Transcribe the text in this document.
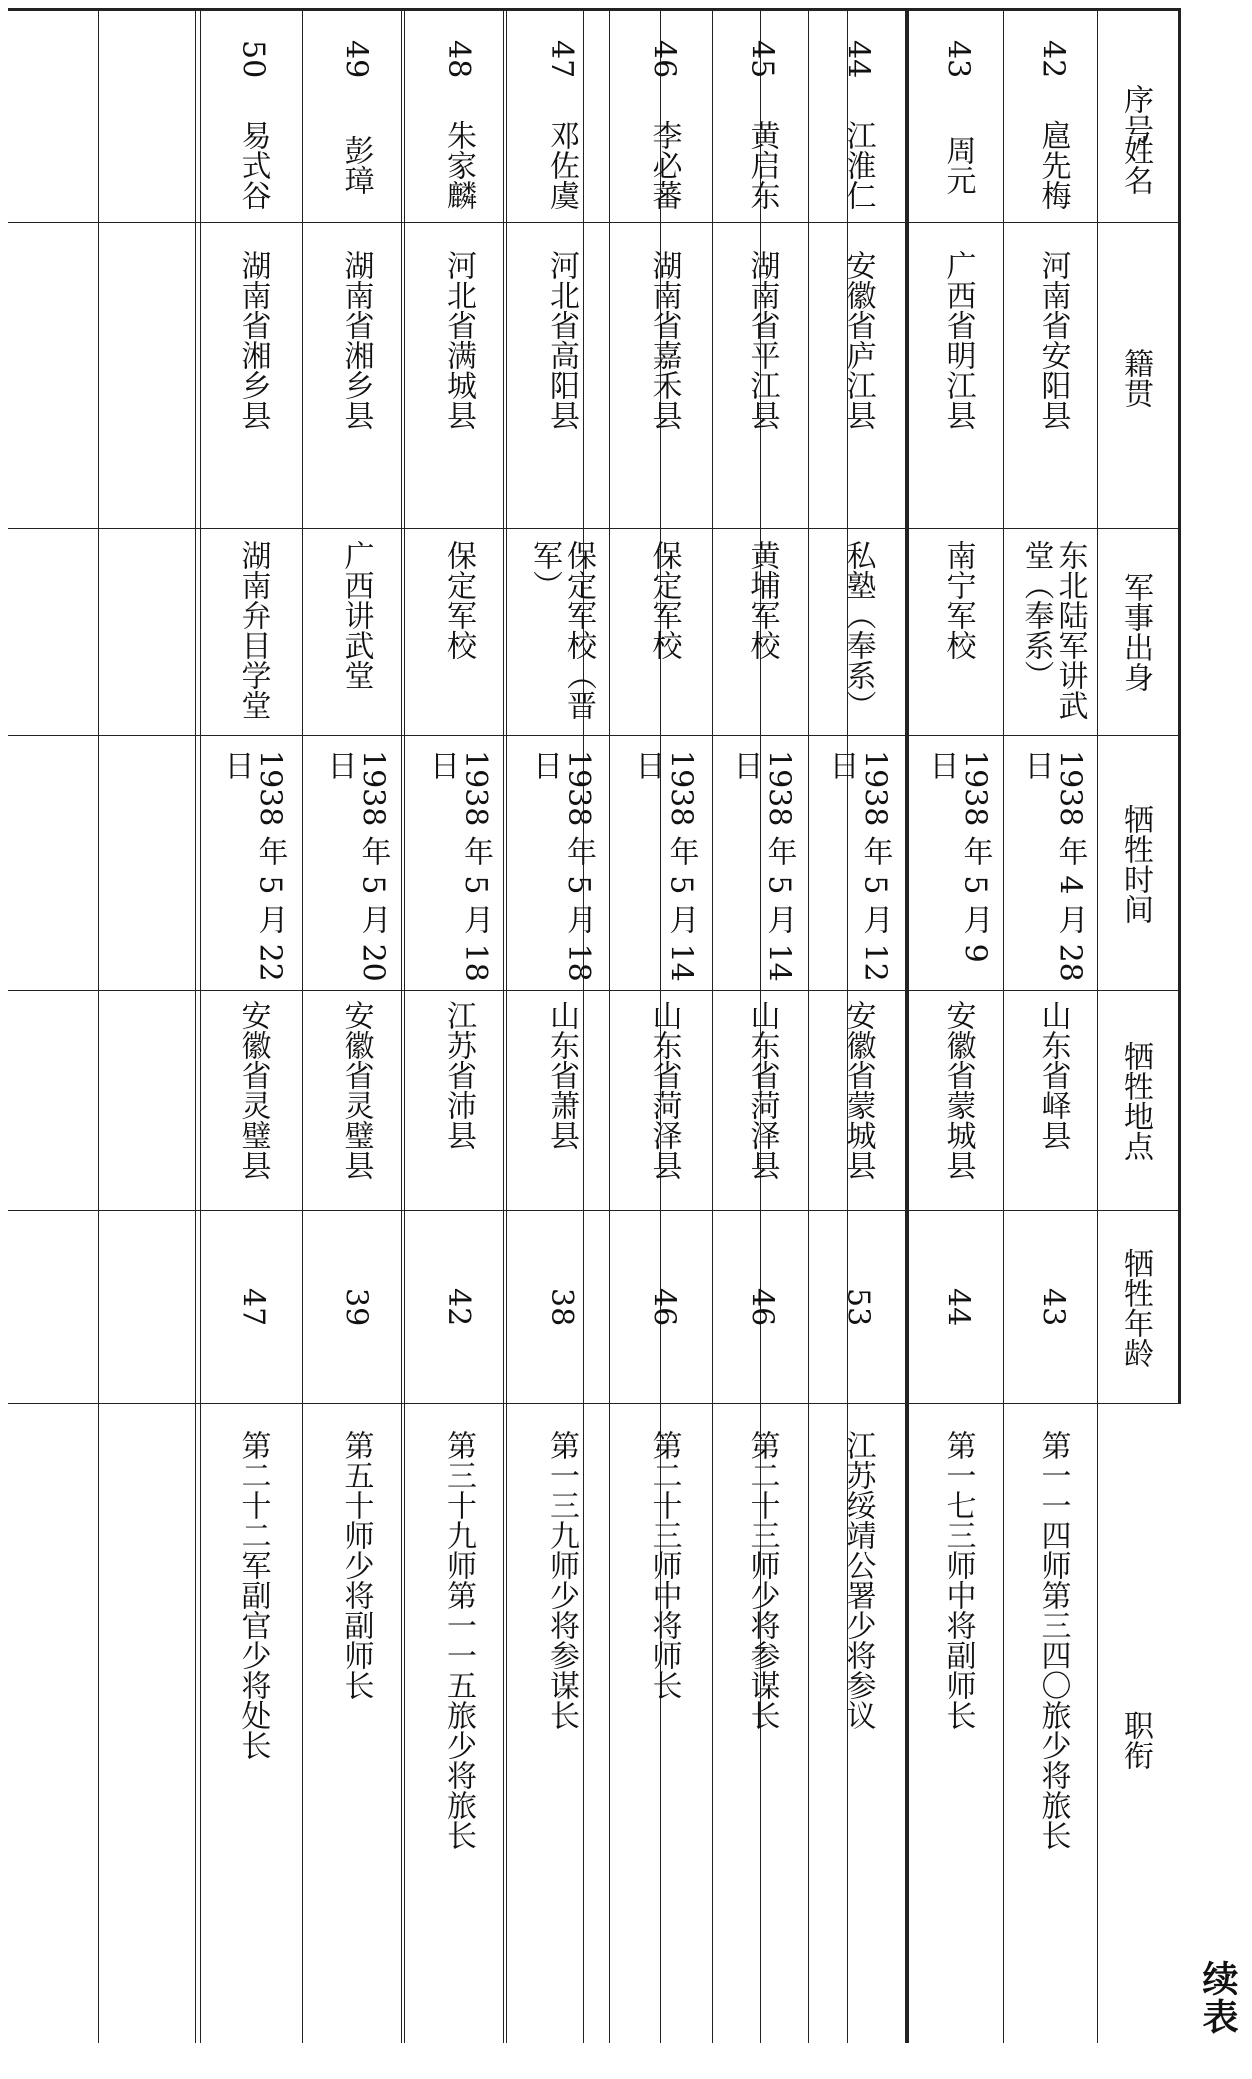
序号
姓名
籍贯
军事出身
牺牲时间
牺牲地点
牺牲年龄
职衔
42
扈先梅
河南省安阳县
东北陆军讲武堂（奉系）
1938 年 4 月 28 日
山东省峄县
43
第一一四师第三四〇旅少将旅长
43
周元
广西省明江县
南宁军校
1938 年 5 月 9 日
安徽省蒙城县
44
第一七三师中将副师长
44
江淮仁
安徽省庐江县
私塾（奉系）
1938 年 5 月 12 日
安徽省蒙城县
53
江苏绥靖公署少将参议
45
黄启东
湖南省平江县
黄埔军校
1938 年 5 月 14 日
山东省菏泽县
46
第二十三师少将参谋长
46
李必蕃
湖南省嘉禾县
保定军校
1938 年 5 月 14 日
山东省菏泽县
46
第二十三师中将师长
47
邓佐虞
河北省高阳县
保定军校（晋军）
1938 年 5 月 18 日
山东省萧县
38
第一三九师少将参谋长
48
朱家麟
河北省满城县
保定军校
1938 年 5 月 18 日
江苏省沛县
42
第三十九师第一一五旅少将旅长
49
彭璋
湖南省湘乡县
广西讲武堂
1938 年 5 月 20 日
安徽省灵璧县
39
第五十师少将副师长
50
易式谷
湖南省湘乡县
湖南弁目学堂
1938 年 5 月 22 日
安徽省灵璧县
47
第二十二军副官少将处长
续表
